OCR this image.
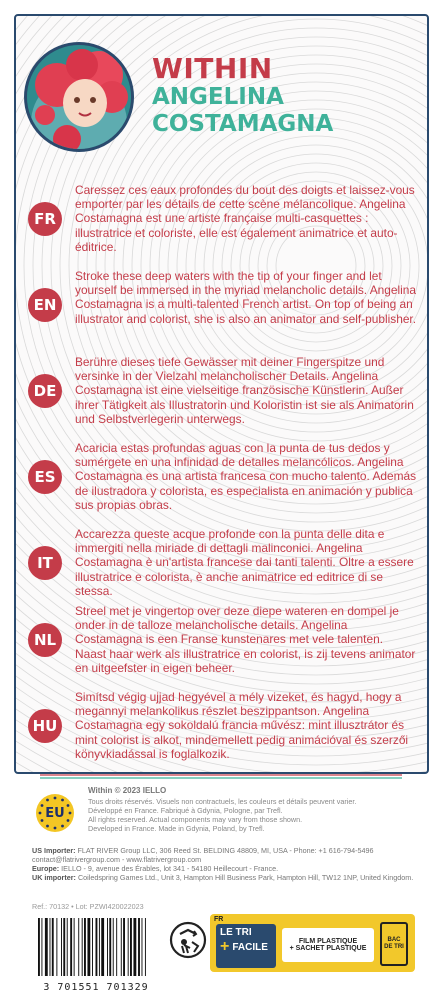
WITHIN
ANGELINA
COSTAMAGNA
FR
Caressez ces eaux profondes du bout des doigts et laissez-vous emporter par les détails de cette scène mélancolique. Angelina Costamagna est une artiste française multi-casquettes : illustratrice et coloriste, elle est également animatrice et auto-éditrice.
EN
Stroke these deep waters with the tip of your finger and let yourself be immersed in the myriad melancholic details. Angelina Costamagna is a multi-talented French artist. On top of being an illustrator and colorist, she is also an animator and self-publisher.
DE
Berühre dieses tiefe Gewässer mit deiner Fingerspitze und versinke in der Vielzahl melancholischer Details. Angelina Costamagna ist eine vielseitige französische Künstlerin. Außer ihrer Tätigkeit als Illustratorin und Koloristin ist sie als Animatorin und Selbstverlegerin unterwegs.
ES
Acaricia estas profundas aguas con la punta de tus dedos y sumérgete en una infinidad de detalles melancólicos. Angelina Costamagna es una artista francesa con mucho talento. Además de ilustradora y colorista, es especialista en animación y publica sus propias obras.
IT
Accarezza queste acque profonde con la punta delle dita e immergiti nella miriade di dettagli malinconici. Angelina Costamagna è un'artista francese dai tanti talenti. Oltre a essere illustratrice e colorista, è anche animatrice ed editrice di se stessa.
NL
Streel met je vingertop over deze diepe wateren en dompel je onder in de talloze melancholische details. Angelina Costamagna is een Franse kunstenares met vele talenten. Naast haar werk als illustratrice en colorist, is zij tevens animator en uitgeefster in eigen beheer.
HU
Simítsd végig ujjad hegyével a mély vizeket, és hagyd, hogy a megannyi melankolikus részlet beszippantson. Angelina Costamagna egy sokoldalú francia művész: mint illusztrátor és mint colorist is alkot, mindemellett pedig animációval és szerzői könyvkiadással is foglalkozik.
EU
Within © 2023 IELLO
Tous droits réservés. Visuels non contractuels, les couleurs et détails peuvent varier.
Développé en France. Fabriqué à Gdynia, Pologne, par Trefl.
All rights reserved. Actual components may vary from those shown.
Developed in France. Made in Gdynia, Poland, by Trefl.
US Importer: FLAT RIVER Group LLC, 306 Reed St. BELDING 48809, MI, USA - Phone: +1 616-794-5496
contact@flatrivergroup.com - www.flatrivergroup.com
Europe: IELLO - 9, avenue des Érables, lot 341 - 54180 Heillecourt - France.
UK importer: Coiledspring Games Ltd., Unit 3, Hampton Hill Business Park, Hampton Hill, TW12 1NP, United Kingdom.
Ref.: 70132 • Lot: PZWI420022023
3 701551 701329
FR
LE TRI
+ FACILE	FILM PLASTIQUE
+ SACHET PLASTIQUE
BAC DE TRI
